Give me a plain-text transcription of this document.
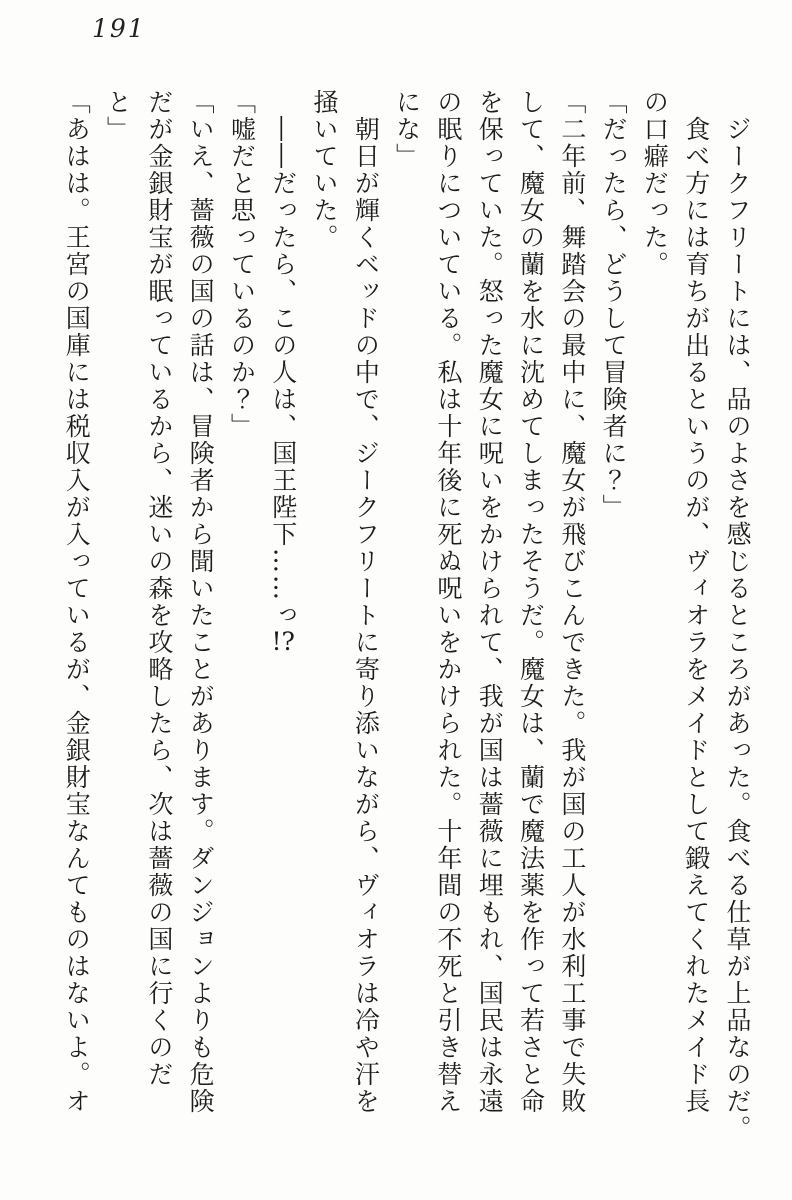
191

ジークフリートには、品のよさを感じるところがあった。食べる仕草が上品なのだ。

食べ方には育ちが出るというのが、ヴィオラをメイドとして鍛えてくれたメイド長

の口癖だった。

「だったら、どうして冒険者に？」

「二年前、舞踏会の最中に、魔女が飛びこんできた。我が国の工人が水利工事で失敗

して、魔女の蘭を水に沈めてしまったそうだ。魔女は、蘭で魔法薬を作って若さと命

を保っていた。怒った魔女に呪いをかけられて、我が国は薔薇に埋もれ、国民は永遠

の眠りについている。私は十年後に死ぬ呪いをかけられた。十年間の不死と引き替え

にな」

朝日が輝くベッドの中で、ジークフリートに寄り添いながら、ヴィオラは冷や汗を

掻いていた。

――だったら、この人は、国王陛下……っ!?

「嘘だと思っているのか？」

「いえ、薔薇の国の話は、冒険者から聞いたことがあります。ダンジョンよりも危険

だが金銀財宝が眠っているから、迷いの森を攻略したら、次は薔薇の国に行くのだ

と」

「あはは。王宮の国庫には税収入が入っているが、金銀財宝なんてものはないよ。オ
